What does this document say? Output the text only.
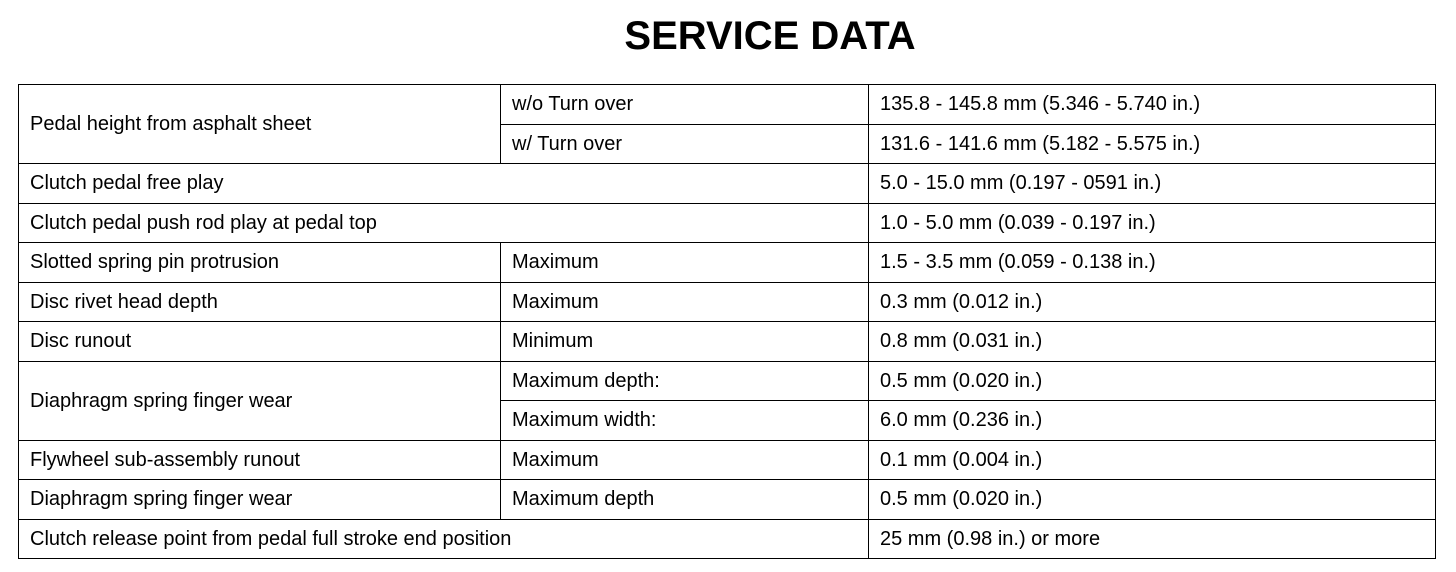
SERVICE DATA
Pedal height from asphalt sheet	w/o Turn over	135.8 - 145.8 mm (5.346 - 5.740 in.)
	w/ Turn over	131.6 - 141.6 mm (5.182 - 5.575 in.)
Clutch pedal free play		5.0 - 15.0 mm (0.197 - 0591 in.)
Clutch pedal push rod play at pedal top		1.0 - 5.0 mm (0.039 - 0.197 in.)
Slotted spring pin protrusion	Maximum	1.5 - 3.5 mm (0.059 - 0.138 in.)
Disc rivet head depth	Maximum	0.3 mm (0.012 in.)
Disc runout	Minimum	0.8 mm (0.031 in.)
Diaphragm spring finger wear	Maximum depth:	0.5 mm (0.020 in.)
	Maximum width:	6.0 mm (0.236 in.)
Flywheel sub-assembly runout	Maximum	0.1 mm (0.004 in.)
Diaphragm spring finger wear	Maximum depth	0.5 mm (0.020 in.)
Clutch release point from pedal full stroke end position		25 mm (0.98 in.) or more
